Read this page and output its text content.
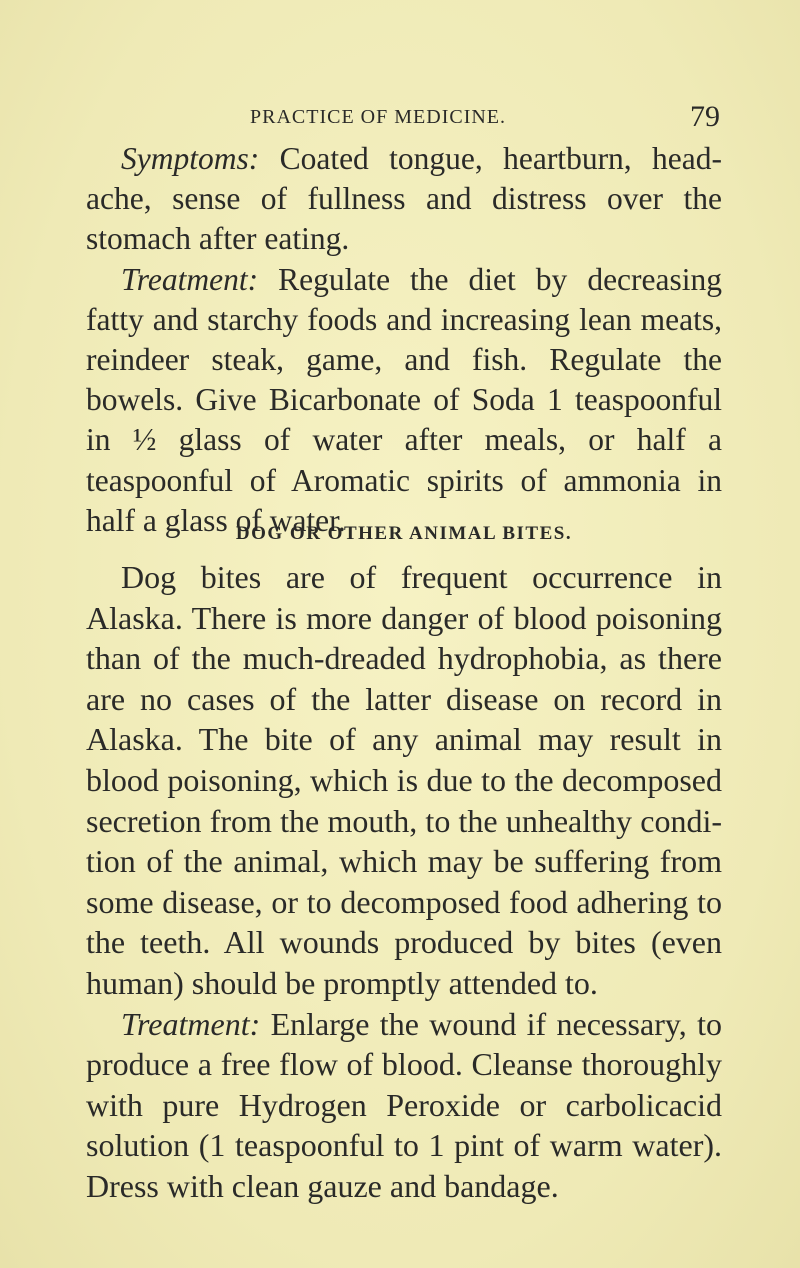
PRACTICE OF MEDICINE.	79

Symptoms: Coated tongue, heartburn, headache, sense of fullness and distress over the stomach after eating.

Treatment: Regulate the diet by decreasing fatty and starchy foods and increasing lean meats, reindeer steak, game, and fish. Regulate the bowels. Give Bicarbonate of Soda 1 teaspoonful in ½ glass of water after meals, or half a teaspoonful of Aromatic spirits of ammonia in half a glass of water.

DOG OR OTHER ANIMAL BITES.

Dog bites are of frequent occurrence in Alaska. There is more danger of blood poisoning than of the much-dreaded hydrophobia, as there are no cases of the latter disease on record in Alaska. The bite of any animal may result in blood poisoning, which is due to the decomposed secretion from the mouth, to the unhealthy condition of the animal, which may be suffering from some disease, or to decomposed food adhering to the teeth. All wounds produced by bites (even human) should be promptly attended to.

Treatment: Enlarge the wound if necessary, to produce a free flow of blood. Cleanse thoroughly with pure Hydrogen Peroxide or carbolicacid solution (1 teaspoonful to 1 pint of warm water). Dress with clean gauze and bandage.
